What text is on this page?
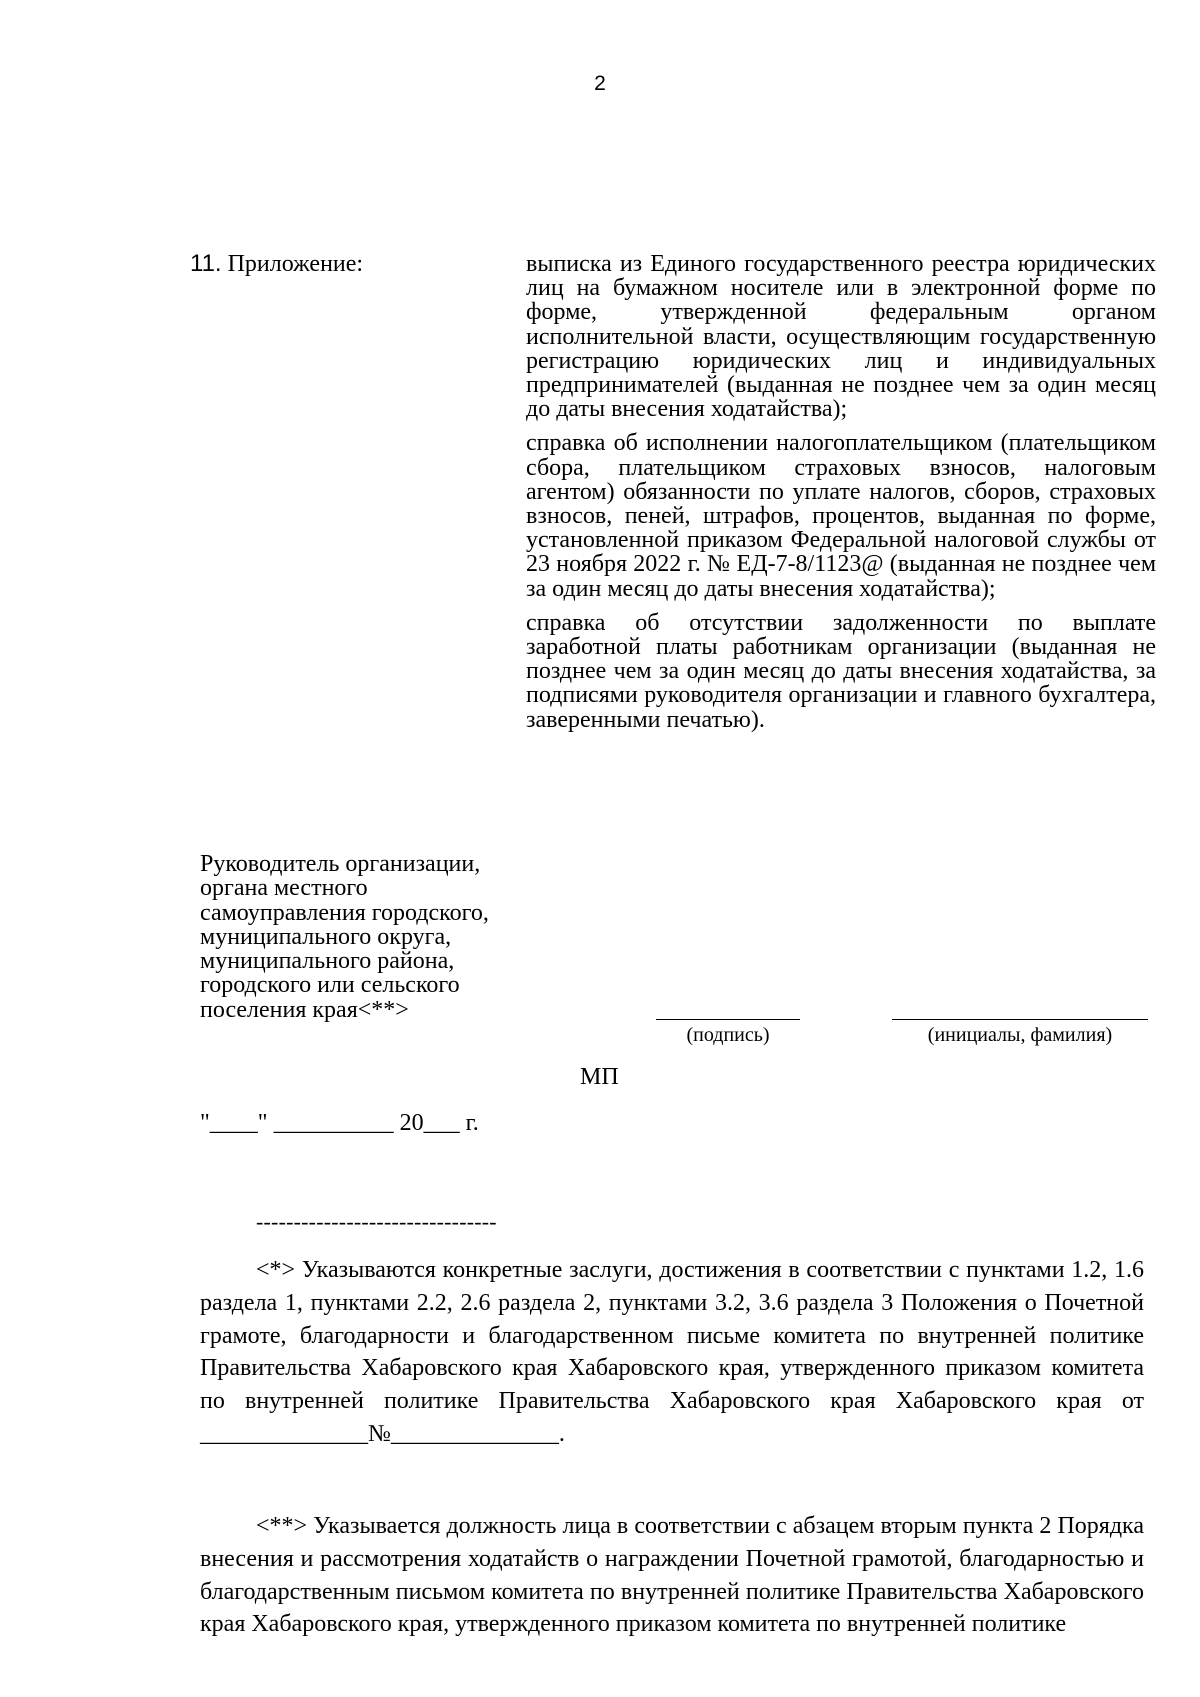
2
11. Приложение:	выписка из Единого государственного реестра юридических лиц на бумажном носителе или в электронной форме по форме, утвержденной федеральным органом исполнительной власти, осуществляющим государственную регистрацию юридических лиц и индивидуальных предпринимателей (выданная не позднее чем за один месяц до даты внесения ходатайства);

справка об исполнении налогоплательщиком (плательщиком сбора, плательщиком страховых взносов, налоговым агентом) обязанности по уплате налогов, сборов, страховых взносов, пеней, штрафов, процентов, выданная по форме, установленной приказом Федеральной налоговой службы от 23 ноября 2022 г. № ЕД-7-8/1123@ (выданная не позднее чем за один месяц до даты внесения ходатайства);

справка об отсутствии задолженности по выплате заработной платы работникам организации (выданная не позднее чем за один месяц до даты внесения ходатайства, за подписями руководителя организации и главного бухгалтера, заверенными печатью).

Руководитель организации,
органа местного
самоуправления городского,
муниципального округа,
муниципального района,
городского или сельского
поселения края<**>
(подпись)	(инициалы, фамилия)
МП
"____" __________ 20___ г.
--------------------------------
<*> Указываются конкретные заслуги, достижения в соответствии с пунктами 1.2, 1.6 раздела 1, пунктами 2.2, 2.6 раздела 2, пунктами 3.2, 3.6 раздела 3 Положения о Почетной грамоте, благодарности и благодарственном письме комитета по внутренней политике Правительства Хабаровского края Хабаровского края, утвержденного приказом комитета по внутренней политике Правительства Хабаровского края Хабаровского края от ______________№______________.
<**> Указывается должность лица в соответствии с абзацем вторым пункта 2 Порядка внесения и рассмотрения ходатайств о награждении Почетной грамотой, благодарностью и благодарственным письмом комитета по внутренней политике Правительства Хабаровского края Хабаровского края, утвержденного приказом комитета по внутренней политике
